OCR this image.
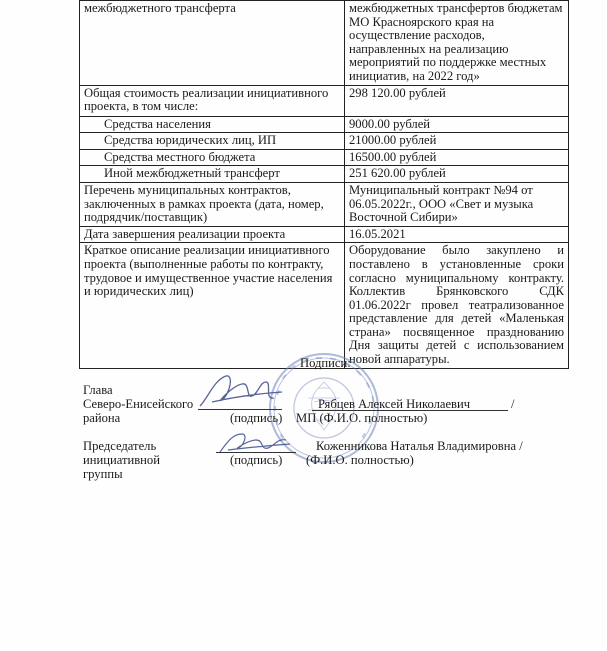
межбюджетного трансферта	межбюджетных трансфертов бюджетам МО Красноярского края на осуществление расходов, направленных на реализацию мероприятий по поддержке местных инициатив, на 2022 год»
Общая стоимость реализации инициативного проекта, в том числе:	298 120.00 рублей
Средства населения	9000.00 рублей
Средства юридических лиц, ИП	21000.00 рублей
Средства местного бюджета	16500.00 рублей
Иной межбюджетный трансферт	251 620.00 рублей
Перечень муниципальных контрактов, заключенных в рамках проекта (дата, номер, подрядчик/поставщик)	Муниципальный контракт №94 от 06.05.2022г., ООО «Свет и музыка Восточной Сибири»
Дата завершения реализации проекта	16.05.2021
Краткое описание реализации инициативного проекта (выполненные работы по контракту, трудовое и имущественное участие населения и юридических лиц)	Оборудование было закуплено и поставлено в установленные сроки согласно муниципальному контракту. Коллектив Брянковского СДК 01.06.2022г провел театрализованное представление для детей «Маленькая страна» посвященное празднованию Дня защиты детей с использованием новой аппаратуры.
Подписи:
Глава
Северо-Енисейского
района
Рябцев Алексей Николаевич	/
(подпись) МП (Ф.И.О. полностью)
Председатель
инициативной
группы
Коженникова Наталья Владимировна /
(подпись) (Ф.И.О. полностью)
